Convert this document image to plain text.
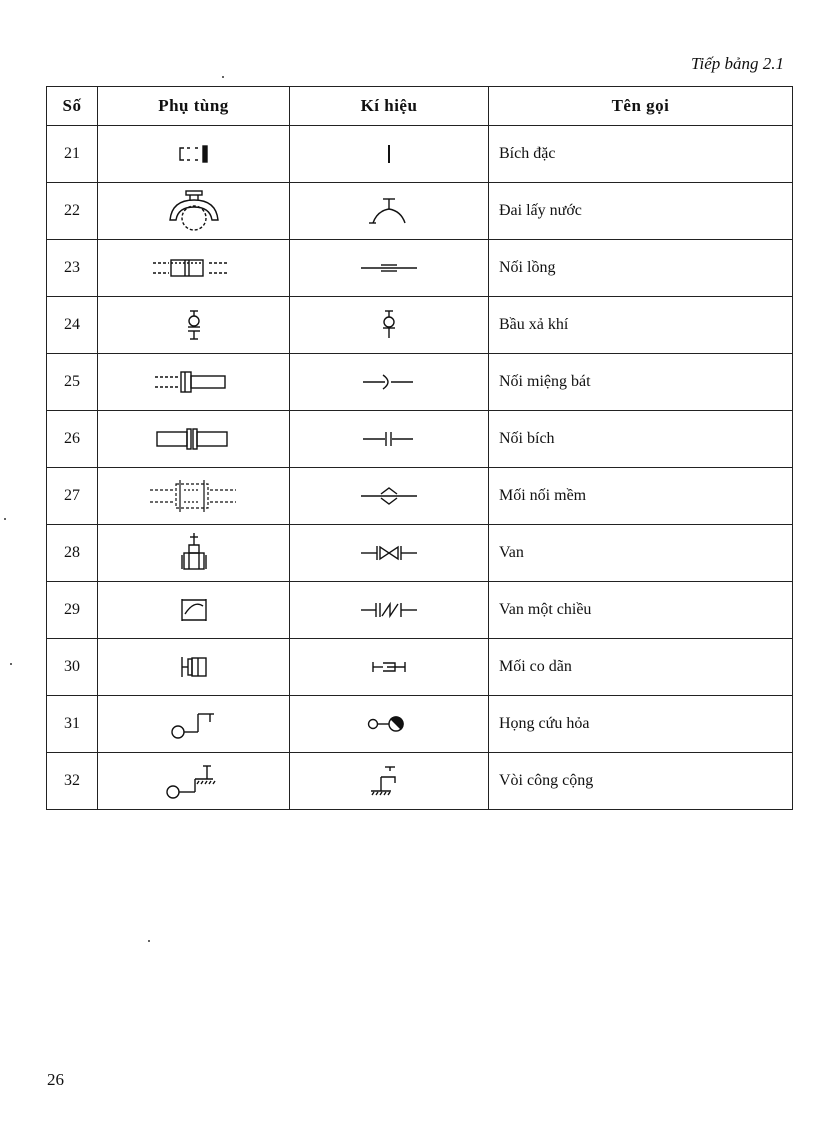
Tiếp bảng 2.1
Số	Phụ tùng	Kí hiệu	Tên gọi
21			Bích đặc
22			Đai lấy nước
23			Nối lồng
24			Bầu xả khí
25			Nối miệng bát
26			Nối bích
27			Mối nối mềm
28			Van
29			Van một chiều
30			Mối co dãn
31			Họng cứu hỏa
32			Vòi công cộng
26
